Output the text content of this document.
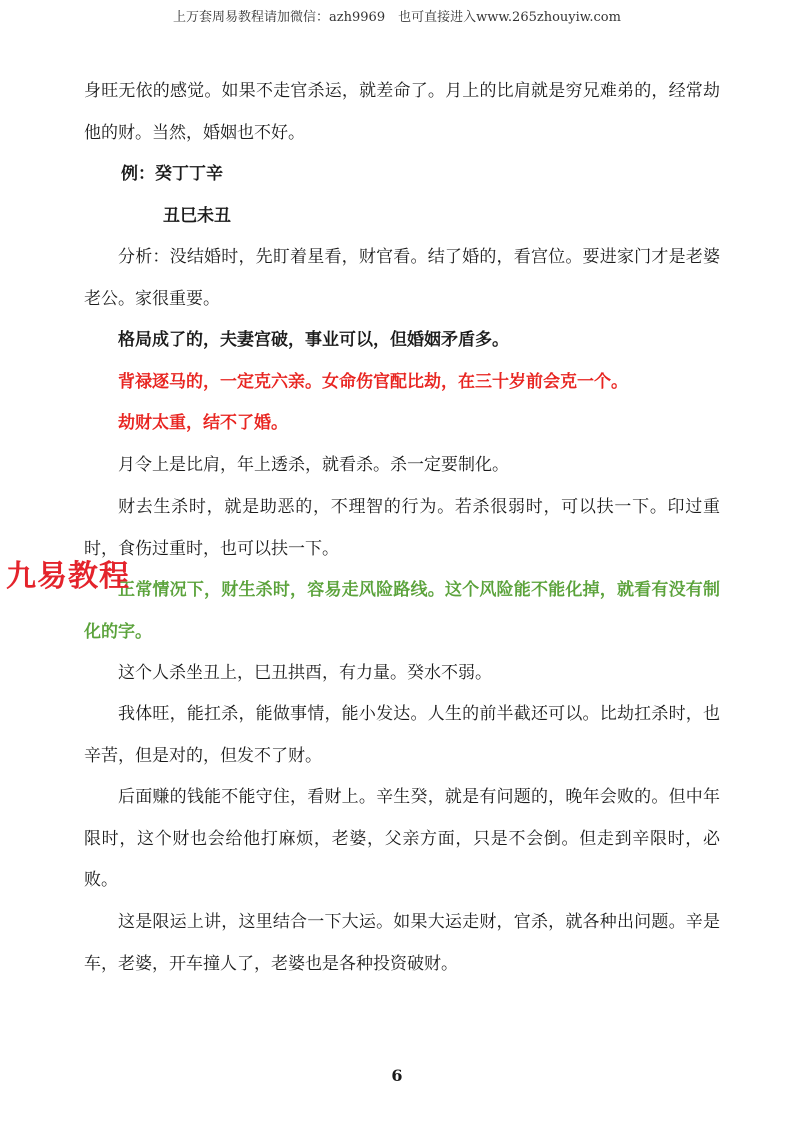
上万套周易教程请加微信：azh9969　也可直接进入www.265zhouyiw.com

身旺无依的感觉。如果不走官杀运，就差命了。月上的比肩就是穷兄难弟的，经常劫他的财。当然，婚姻也不好。

例：癸丁丁辛

丑巳未丑

分析：没结婚时，先盯着星看，财官看。结了婚的，看宫位。要进家门才是老婆老公。家很重要。

格局成了的，夫妻宫破，事业可以，但婚姻矛盾多。

背禄逐马的，一定克六亲。女命伤官配比劫，在三十岁前会克一个。

劫财太重，结不了婚。

月令上是比肩，年上透杀，就看杀。杀一定要制化。

财去生杀时，就是助恶的，不理智的行为。若杀很弱时，可以扶一下。印过重时，食伤过重时，也可以扶一下。

正常情况下，财生杀时，容易走风险路线。这个风险能不能化掉，就看有没有制化的字。

这个人杀坐丑上，巳丑拱酉，有力量。癸水不弱。

我体旺，能扛杀，能做事情，能小发达。人生的前半截还可以。比劫扛杀时，也辛苦，但是对的，但发不了财。

后面赚的钱能不能守住，看财上。辛生癸，就是有问题的，晚年会败的。但中年限时，这个财也会给他打麻烦，老婆，父亲方面，只是不会倒。但走到辛限时，必败。

这是限运上讲，这里结合一下大运。如果大运走财，官杀，就各种出问题。辛是车，老婆，开车撞人了，老婆也是各种投资破财。

九易教程
6
